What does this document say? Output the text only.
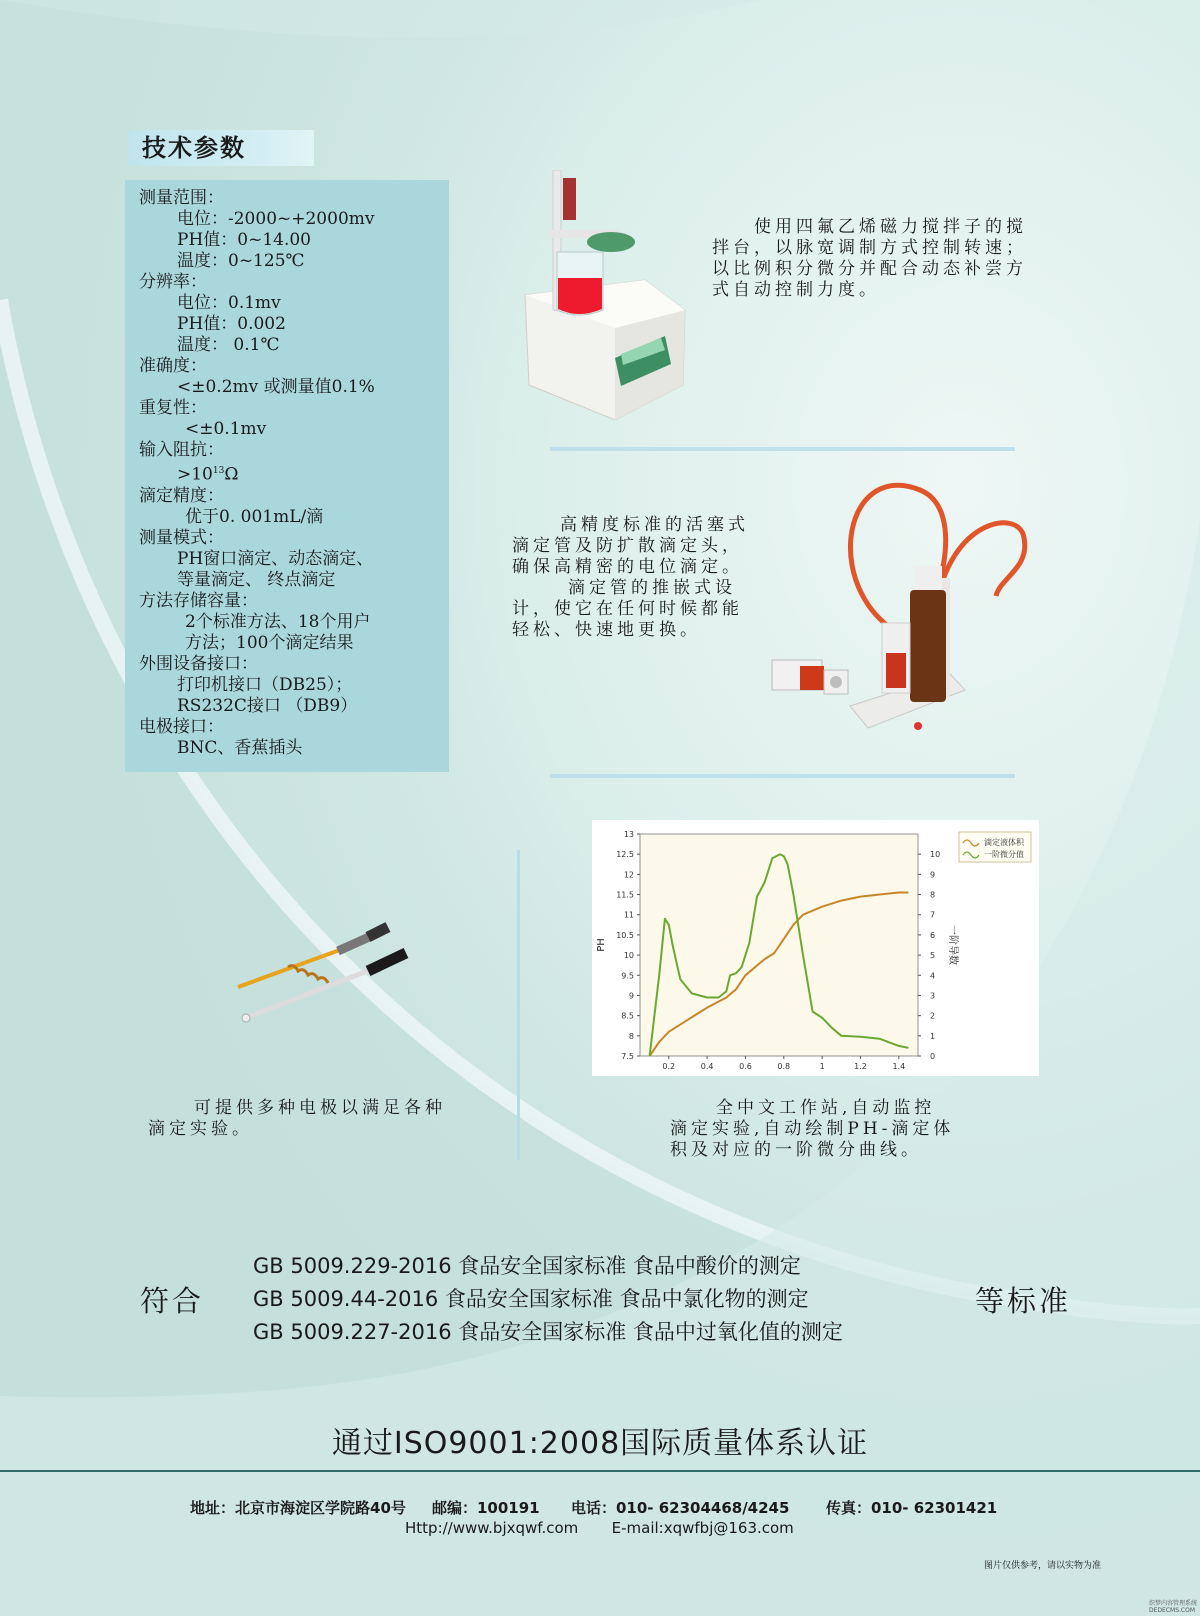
技术参数
测量范围：
电位：-2000~+2000mv
PH值：0~14.00
温度：0~125℃
分辨率：
电位：0.1mv
PH值：0.002
温度： 0.1℃
准确度：
<±0.2mv 或测量值0.1%
重复性：
<±0.1mv
输入阻抗：
$>10^{13}\Omega$
滴定精度：
优于0. 001mL/滴
测量模式：
PH窗口滴定、动态滴定、
等量滴定、 终点滴定
方法存储容量：
2个标准方法、18个用户
方法；100个滴定结果
外围设备接口：
打印机接口（DB25）；
RS232C接口 （DB9）
电极接口：
BNC、香蕉插头
使用四氟乙烯磁力搅拌子的搅
拌台，以脉宽调制方式控制转速；
以比例积分微分并配合动态补尝方
式自动控制力度。
高精度标准的活塞式
滴定管及防扩散滴定头，
确保高精密的电位滴定。
滴定管的推嵌式设
计，使它在任何时候都能
轻松、快速地更换。
可提供多种电极以满足各种
滴定实验。
0.2	0.4	0.6	0.8	1	1.2	1.4
7.5
8
8.5
9
9.5
10
10.5
11
11.5
12
12.5
13
0
1
2
3
4
5
6
7
8
9
10
PH	一阶导数
滴定液体积
一阶微分值
全中文工作站,自动监控
滴定实验,自动绘制PH-滴定体
积及对应的一阶微分曲线。
符合
GB 5009.229-2016 食品安全国家标准 食品中酸价的测定
GB 5009.44-2016 食品安全国家标准 食品中氯化物的测定
GB 5009.227-2016 食品安全国家标准 食品中过氧化值的测定
等标准
通过ISO9001:2008国际质量体系认证
地址：北京市海淀区学院路40号     邮编：100191      电话：010- 62304468/4245       传真：010- 62301421
Http://www.bjxqwf.com       E-mail:xqwfbj@163.com
图片仅供参考，请以实物为准
织梦内容管理系统
DEDECMS.COM
